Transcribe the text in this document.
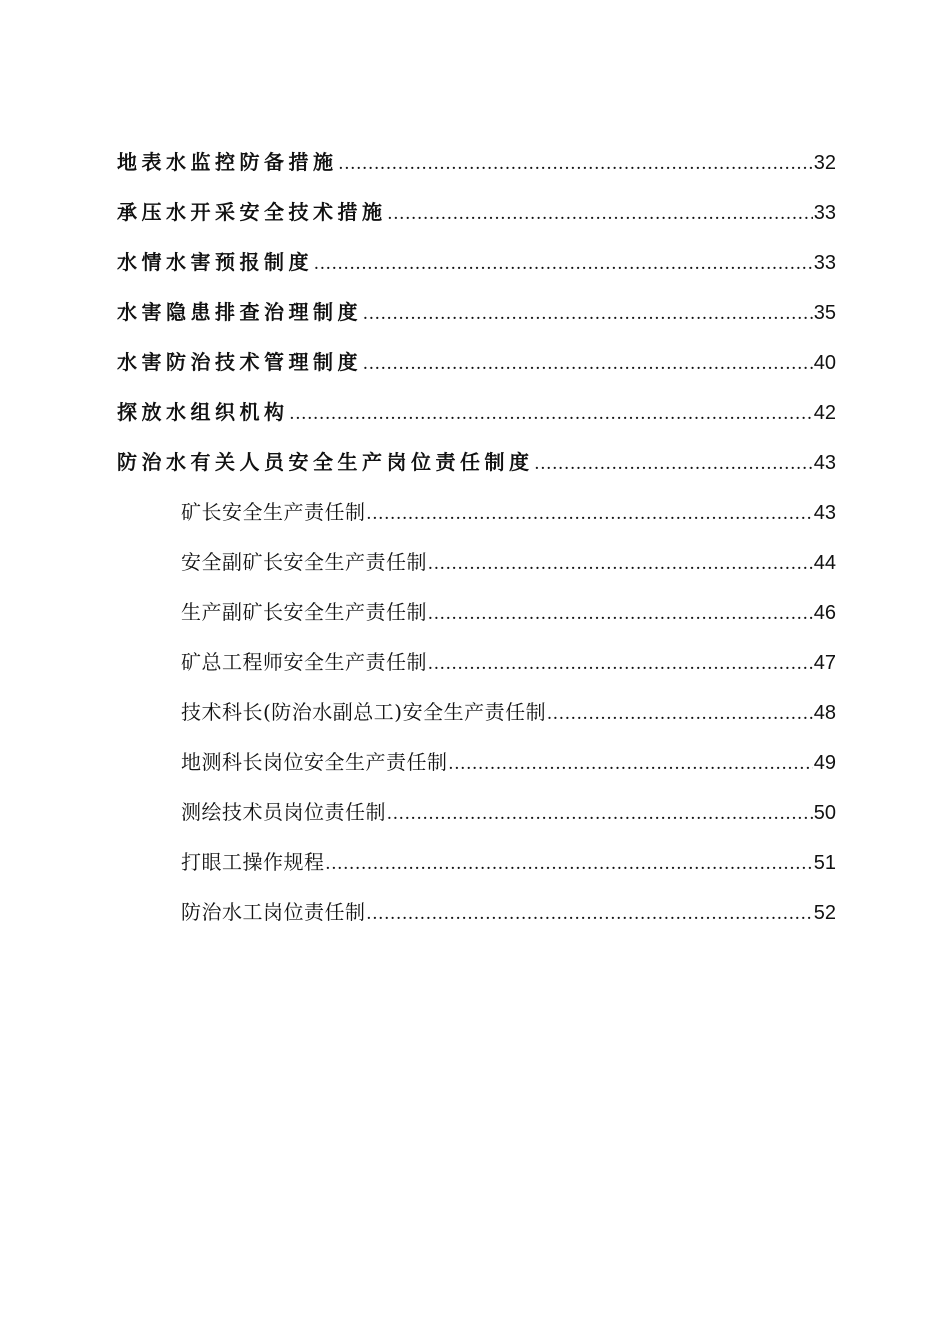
地表水监控防备措施 .....	32
承压水开采安全技术措施 .....	33
水情水害预报制度 .....	33
水害隐患排查治理制度 .....	35
水害防治技术管理制度 .....	40
探放水组织机构 .....	42
防治水有关人员安全生产岗位责任制度 .....	43
矿长安全生产责任制 .....	43
安全副矿长安全生产责任制 .....	44
生产副矿长安全生产责任制 .....	46
矿总工程师安全生产责任制 .....	47
技术科长(防治水副总工)安全生产责任制 .....	48
地测科长岗位安全生产责任制 .....	49
测绘技术员岗位责任制 .....	50
打眼工操作规程 .....	51
防治水工岗位责任制 .....	52
